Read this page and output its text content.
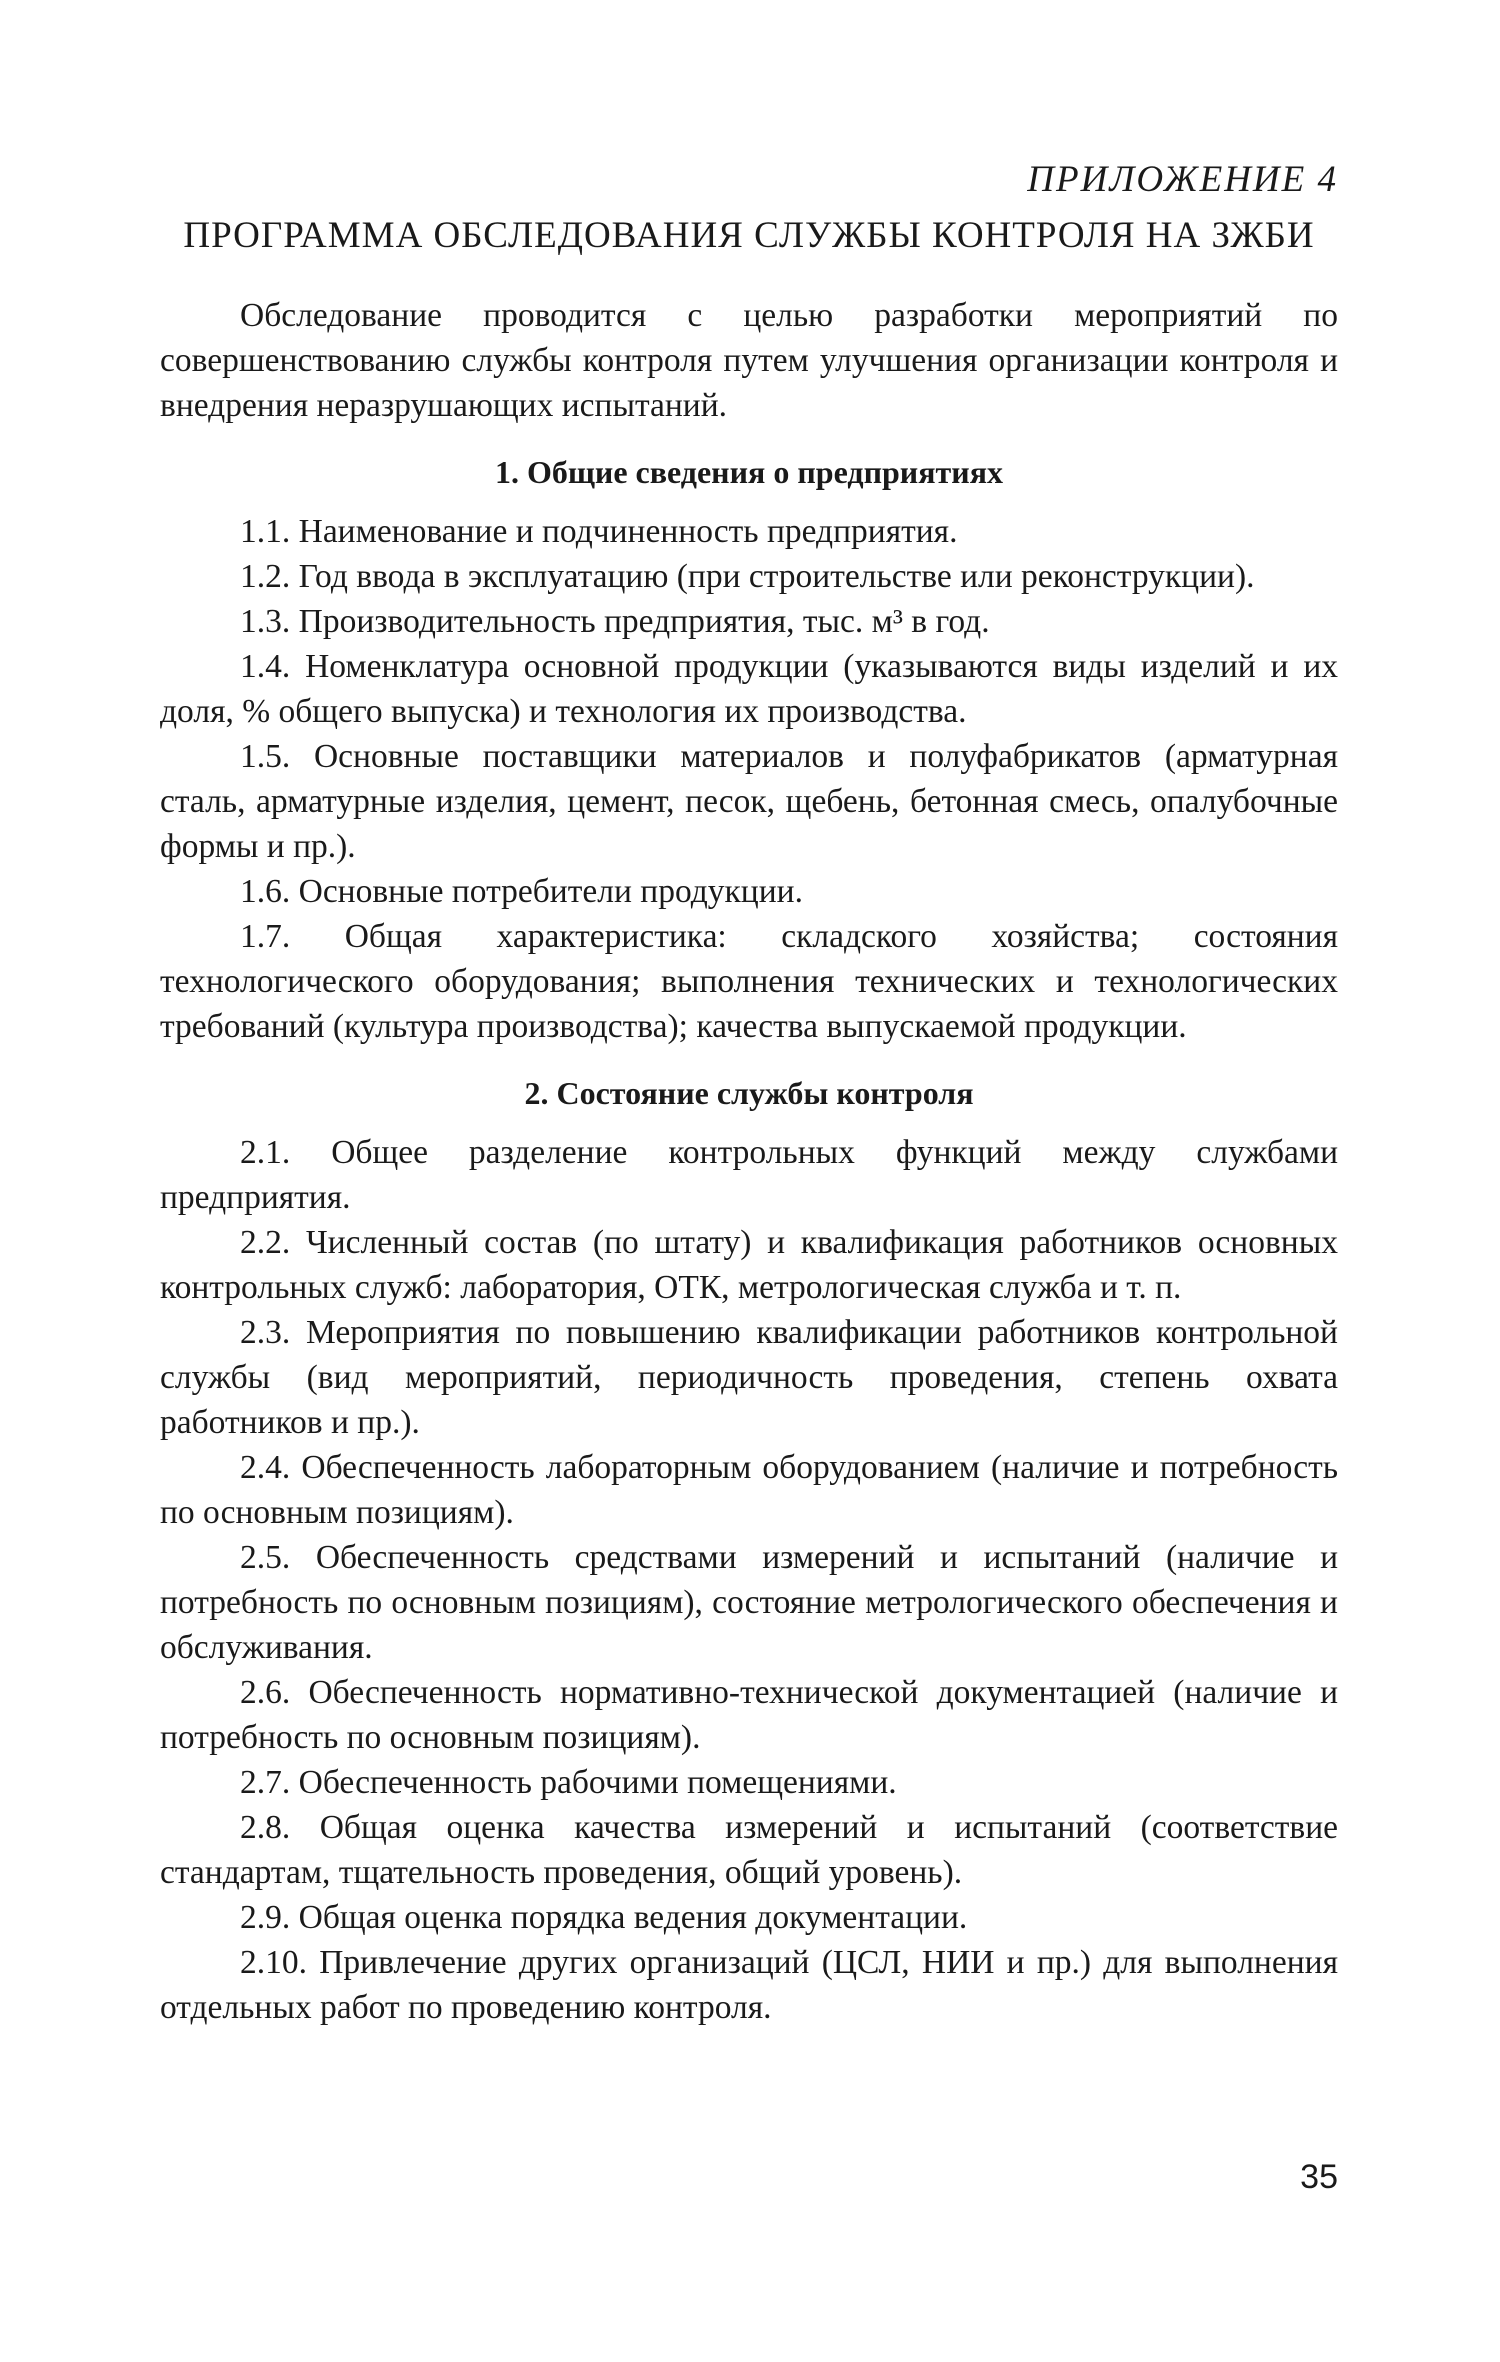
ПРИЛОЖЕНИЕ 4
ПРОГРАММА ОБСЛЕДОВАНИЯ СЛУЖБЫ КОНТРОЛЯ НА ЗЖБИ

Обследование проводится с целью разработки мероприятий по совершенствованию службы контроля путем улучшения организации контроля и внедрения неразрушающих испытаний.

1. Общие сведения о предприятиях

1.1. Наименование и подчиненность предприятия.

1.2. Год ввода в эксплуатацию (при строительстве или реконструкции).

1.3. Производительность предприятия, тыс. м³ в год.

1.4. Номенклатура основной продукции (указываются виды изделий и их доля, % общего выпуска) и технология их производства.

1.5. Основные поставщики материалов и полуфабрикатов (арматурная сталь, арматурные изделия, цемент, песок, щебень, бетонная смесь, опалубочные формы и пр.).

1.6. Основные потребители продукции.

1.7. Общая характеристика: складского хозяйства; состояния технологического оборудования; выполнения технических и технологических требований (культура производства); качества выпускаемой продукции.

2. Состояние службы контроля

2.1. Общее разделение контрольных функций между службами предприятия.

2.2. Численный состав (по штату) и квалификация работников основных контрольных служб: лаборатория, ОТК, метрологическая служба и т. п.

2.3. Мероприятия по повышению квалификации работников контрольной службы (вид мероприятий, периодичность проведения, степень охвата работников и пр.).

2.4. Обеспеченность лабораторным оборудованием (наличие и потребность по основным позициям).

2.5. Обеспеченность средствами измерений и испытаний (наличие и потребность по основным позициям), состояние метрологического обеспечения и обслуживания.

2.6. Обеспеченность нормативно-технической документацией (наличие и потребность по основным позициям).

2.7. Обеспеченность рабочими помещениями.

2.8. Общая оценка качества измерений и испытаний (соответствие стандартам, тщательность проведения, общий уровень).

2.9. Общая оценка порядка ведения документации.

2.10. Привлечение других организаций (ЦСЛ, НИИ и пр.) для выполнения отдельных работ по проведению контроля.

35
